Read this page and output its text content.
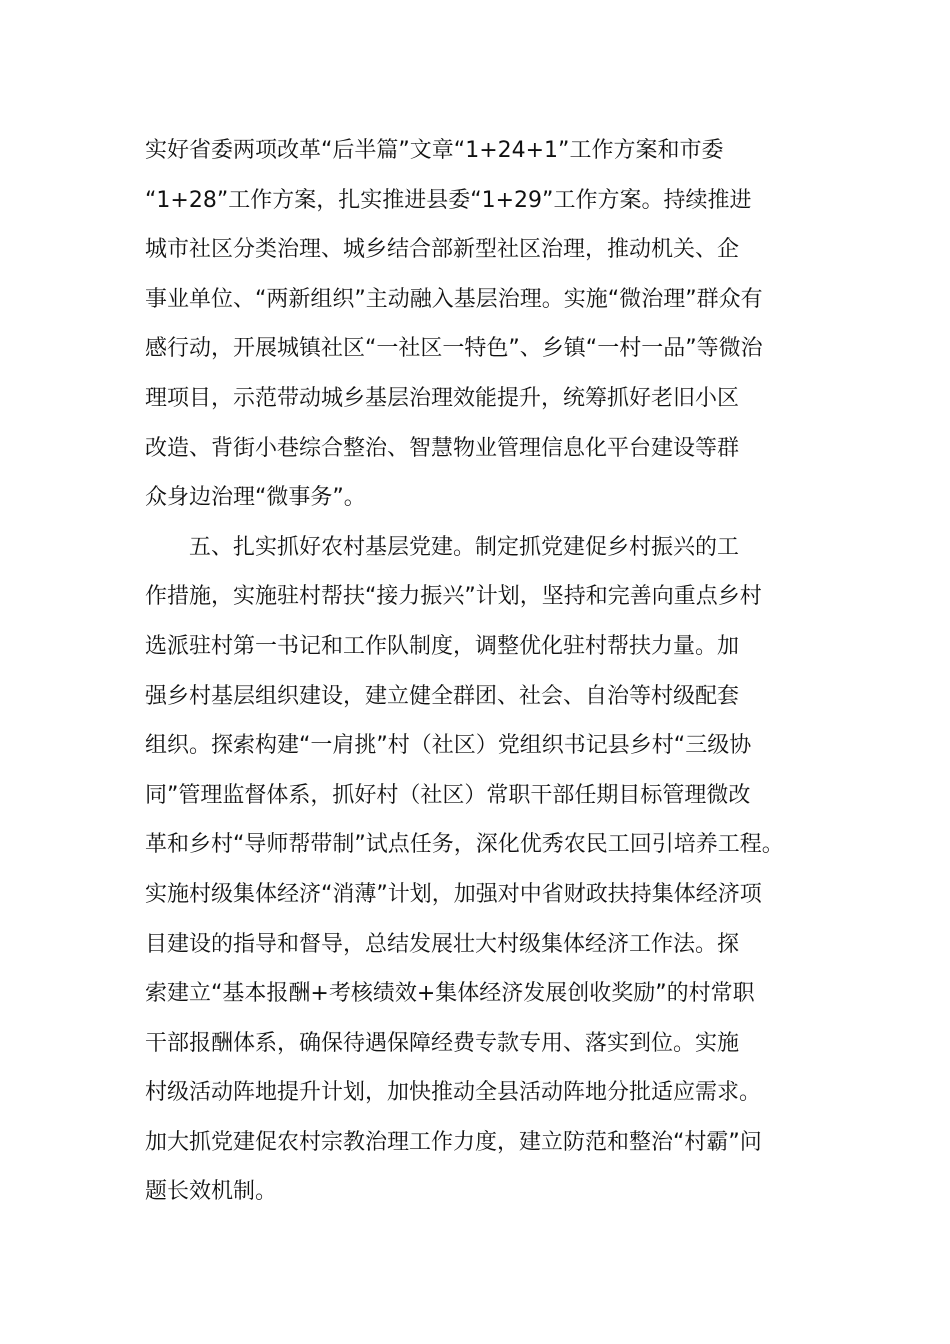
实好省委两项改革“后半篇”文章“1+24+1”工作方案和市委

“1+28”工作方案，扎实推进县委“1+29”工作方案。持续推进

城市社区分类治理、城乡结合部新型社区治理，推动机关、企

事业单位、“两新组织”主动融入基层治理。实施“微治理”群众有

感行动，开展城镇社区“一社区一特色”、乡镇“一村一品”等微治

理项目，示范带动城乡基层治理效能提升，统筹抓好老旧小区

改造、背街小巷综合整治、智慧物业管理信息化平台建设等群

众身边治理“微事务”。

五、扎实抓好农村基层党建。制定抓党建促乡村振兴的工

作措施，实施驻村帮扶“接力振兴”计划，坚持和完善向重点乡村

选派驻村第一书记和工作队制度，调整优化驻村帮扶力量。加

强乡村基层组织建设，建立健全群团、社会、自治等村级配套

组织。探索构建“一肩挑”村（社区）党组织书记县乡村“三级协

同”管理监督体系，抓好村（社区）常职干部任期目标管理微改

革和乡村“导师帮带制”试点任务，深化优秀农民工回引培养工程。

实施村级集体经济“消薄”计划，加强对中省财政扶持集体经济项

目建设的指导和督导，总结发展壮大村级集体经济工作法。探

索建立“基本报酬+考核绩效+集体经济发展创收奖励”的村常职

干部报酬体系，确保待遇保障经费专款专用、落实到位。实施

村级活动阵地提升计划，加快推动全县活动阵地分批适应需求。

加大抓党建促农村宗教治理工作力度，建立防范和整治“村霸”问

题长效机制。
